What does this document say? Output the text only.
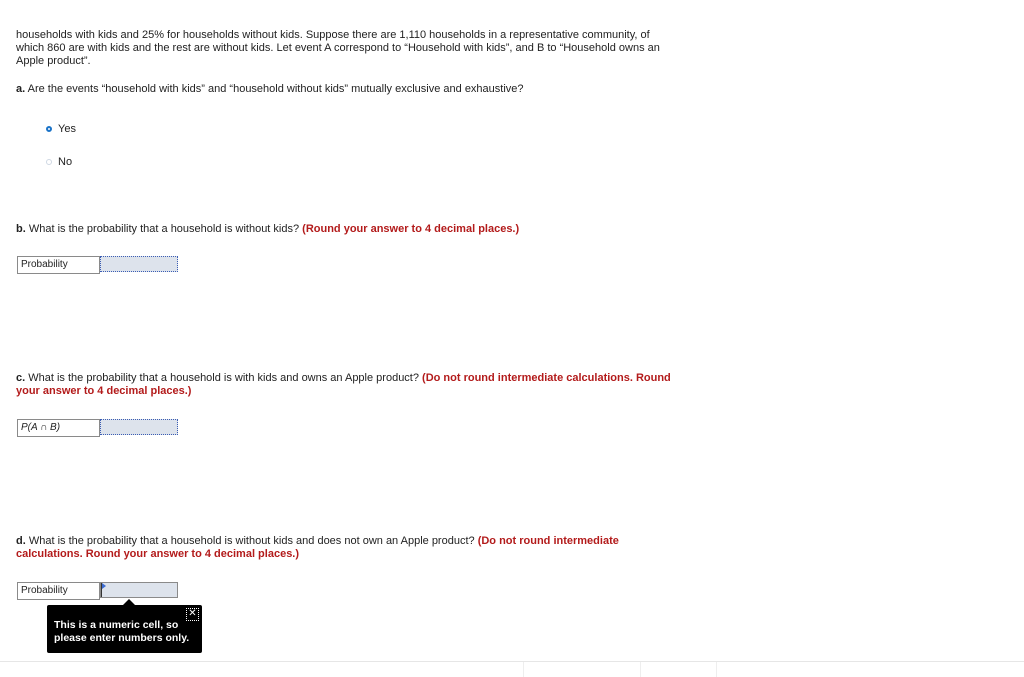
households with kids and 25% for households without kids. Suppose there are 1,110 households in a representative community, of
which 860 are with kids and the rest are without kids. Let event A correspond to “Household with kids”, and B to “Household owns an
Apple product”.

a. Are the events “household with kids” and “household without kids” mutually exclusive and exhaustive?

Yes
No

b. What is the probability that a household is without kids? (Round your answer to 4 decimal places.)

Probability

c. What is the probability that a household is with kids and owns an Apple product? (Do not round intermediate calculations. Round
your answer to 4 decimal places.)

P(A ∩ B)

d. What is the probability that a household is without kids and does not own an Apple product? (Do not round intermediate
calculations. Round your answer to 4 decimal places.)

Probability
✕
This is a numeric cell, so
please enter numbers only.
